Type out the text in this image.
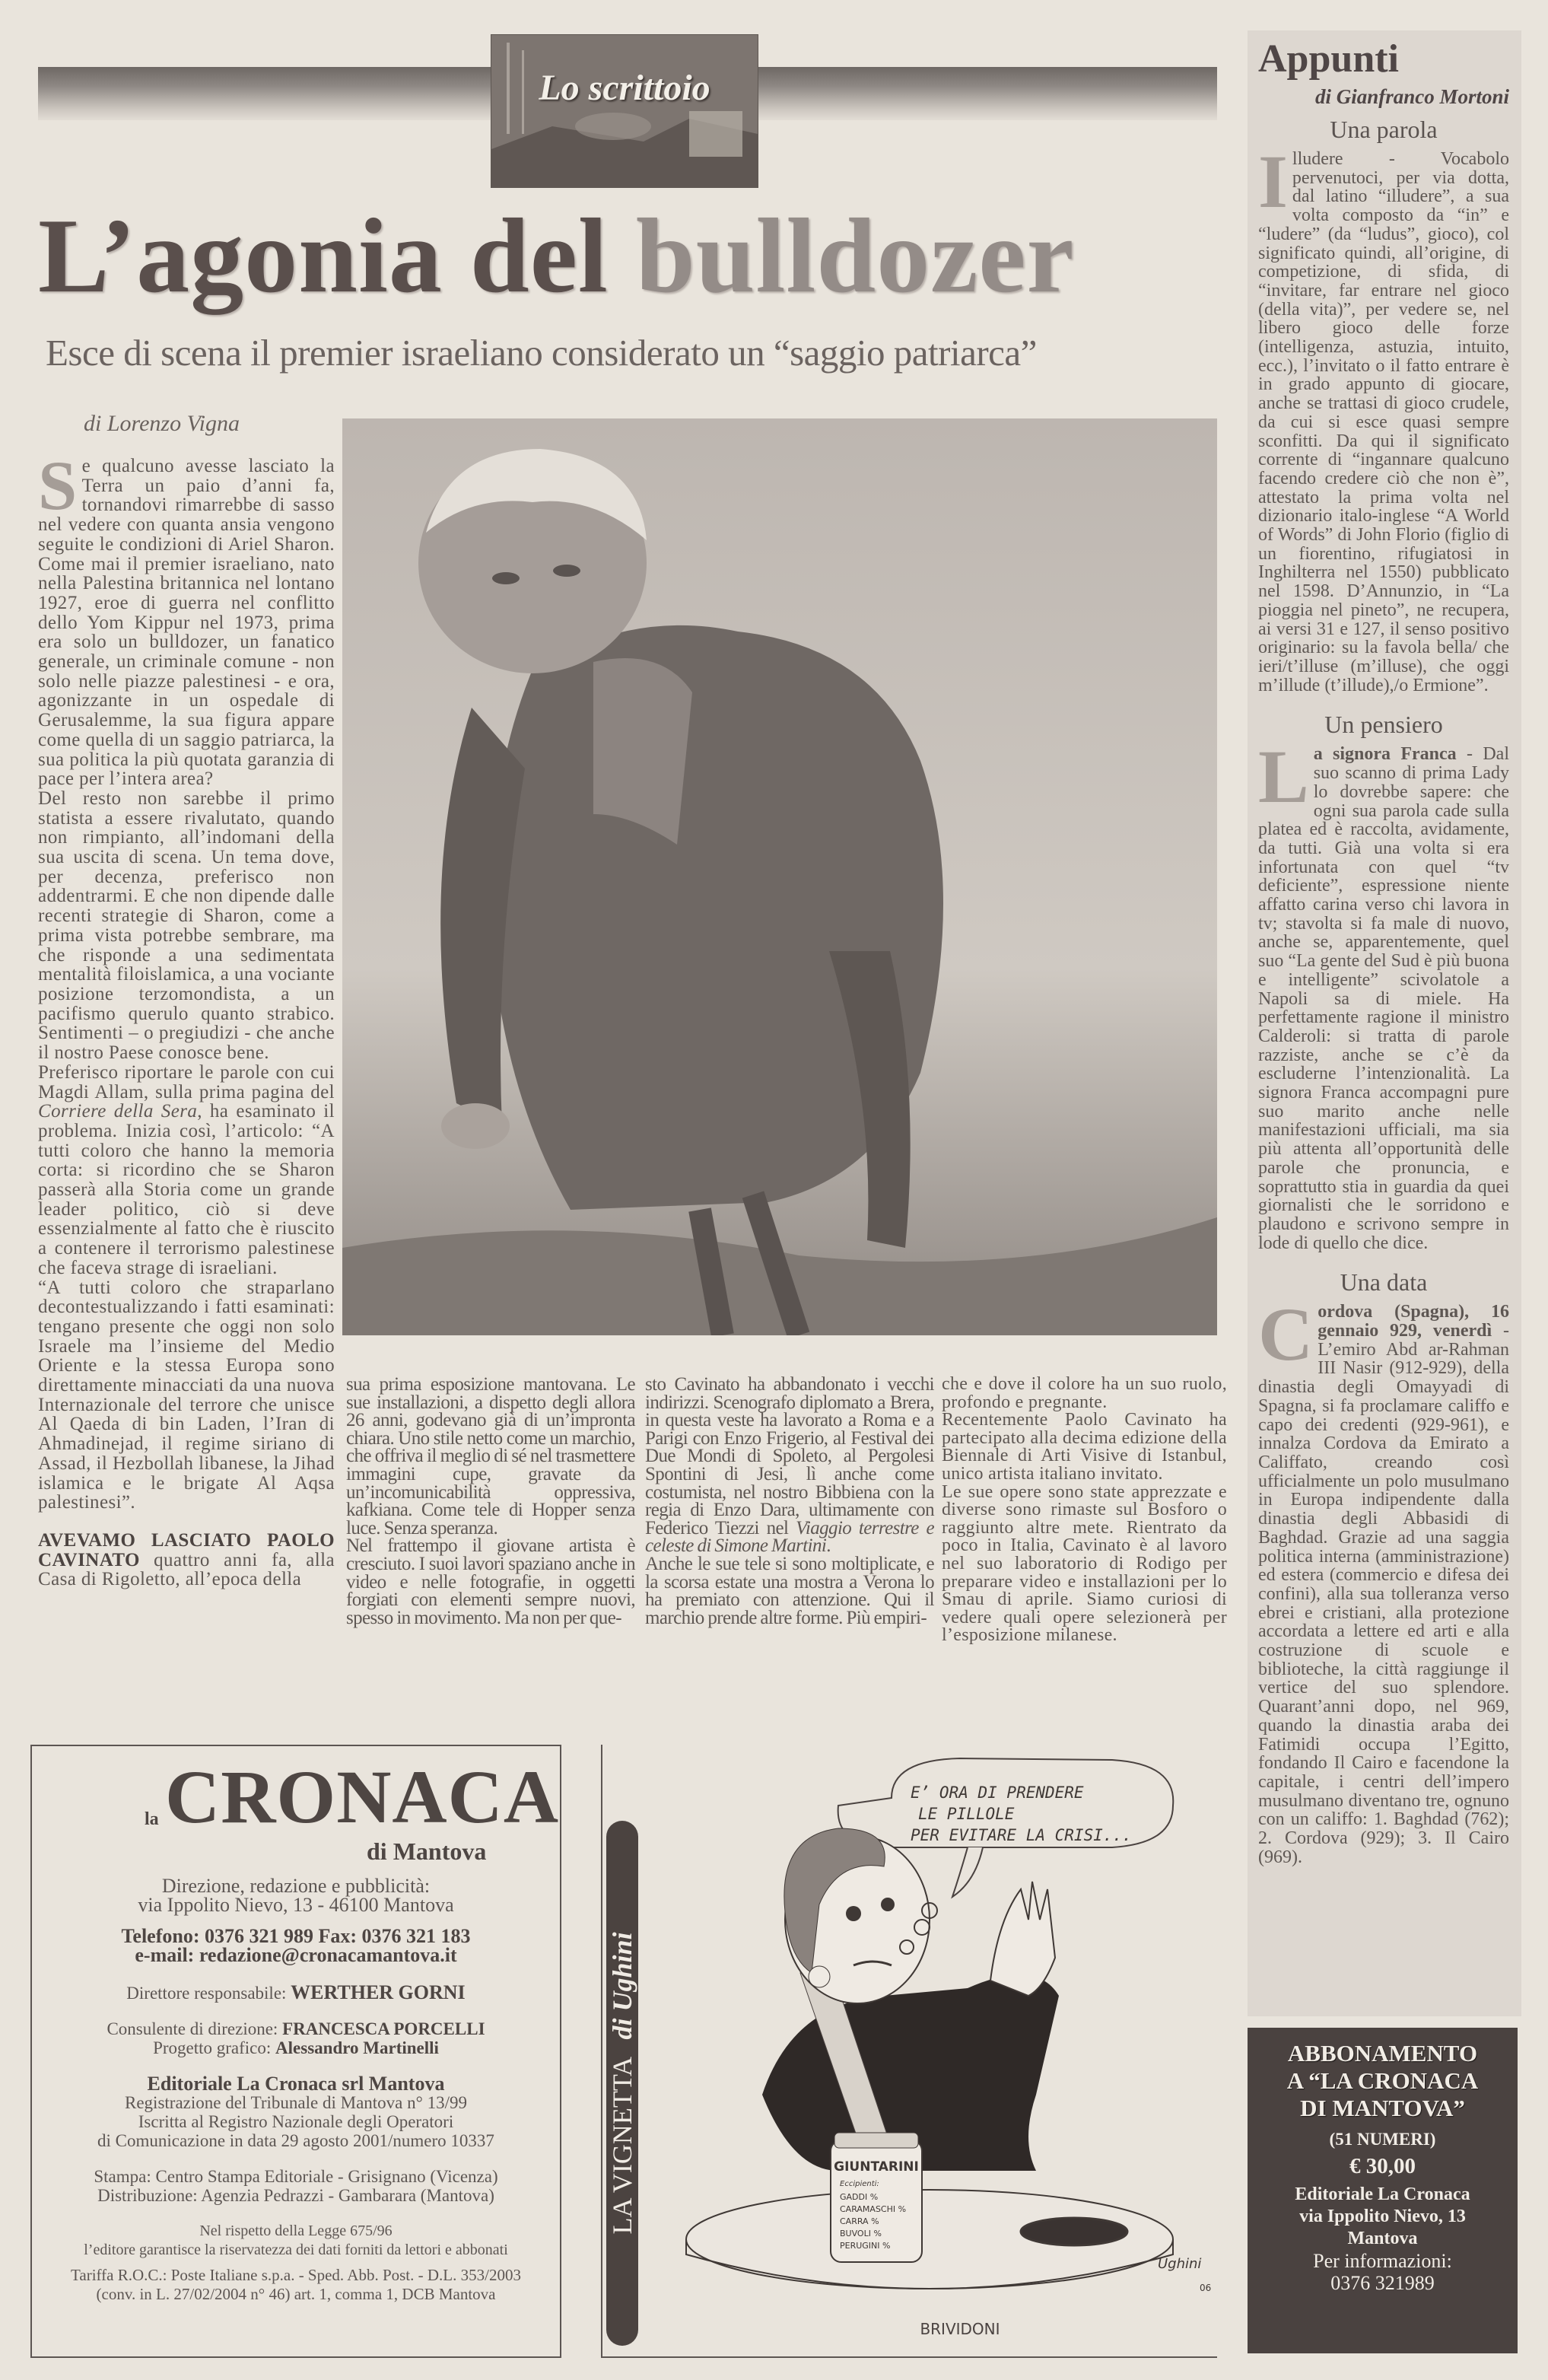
Lo scrittoio
L’agonia del bulldozer
Esce di scena il premier israeliano considerato un “saggio patriarca”
di Lorenzo Vigna

Se qualcuno avesse lasciato la Terra un paio d’anni fa, tornandovi rimarrebbe di sasso nel vedere con quanta ansia vengono seguite le condizioni di Ariel Sharon. Come mai il premier israeliano, nato nella Palestina britannica nel lontano 1927, eroe di guerra nel conflitto dello Yom Kippur nel 1973, prima era solo un bulldozer, un fanatico generale, un criminale comune - non solo nelle piazze palestinesi - e ora, agonizzante in un ospedale di Gerusalemme, la sua figura appare come quella di un saggio patriarca, la sua politica la più quotata garanzia di pace per l’intera area?

Del resto non sarebbe il primo statista a essere rivalutato, quando non rimpianto, all’indomani della sua uscita di scena. Un tema dove, per decenza, preferisco non addentrarmi. E che non dipende dalle recenti strategie di Sharon, come a prima vista potrebbe sembrare, ma che risponde a una sedimentata mentalità filoislamica, a una vociante posizione terzomondista, a un pacifismo querulo quanto strabico. Sentimenti – o pregiudizi - che anche il nostro Paese conosce bene.

Preferisco riportare le parole con cui Magdi Allam, sulla prima pagina del Corriere della Sera, ha esaminato il problema. Inizia così, l’articolo: “A tutti coloro che hanno la memoria corta: si ricordino che se Sharon passerà alla Storia come un grande leader politico, ciò si deve essenzialmente al fatto che è riuscito a contenere il terrorismo palestinese che faceva strage di israeliani.

“A tutti coloro che straparlano decontestualizzando i fatti esaminati: tengano presente che oggi non solo Israele ma l’insieme del Medio Oriente e la stessa Europa sono direttamente minacciati da una nuova Internazionale del terrore che unisce Al Qaeda di bin Laden, l’Iran di Ahmadinejad, il regime siriano di Assad, il Hezbollah libanese, la Jihad islamica e le brigate Al Aqsa palestinesi”.

AVEVAMO LASCIATO PAOLO CAVINATO quattro anni fa, alla Casa di Rigoletto, all’epoca della

sua prima esposizione mantovana. Le sue installazioni, a dispetto degli allora 26 anni, godevano già di un’impronta chiara. Uno stile netto come un marchio, che offriva il meglio di sé nel trasmettere immagini cupe, gravate da un’incomunicabilità oppressiva, kafkiana. Come tele di Hopper senza luce. Senza speranza.

Nel frattempo il giovane artista è cresciuto. I suoi lavori spaziano anche in video e nelle fotografie, in oggetti forgiati con elementi sempre nuovi, spesso in movimento. Ma non per que-

sto Cavinato ha abbandonato i vecchi indirizzi. Scenografo diplomato a Brera, in questa veste ha lavorato a Roma e a Parigi con Enzo Frigerio, al Festival dei Due Mondi di Spoleto, al Pergolesi Spontini di Jesi, lì anche come costumista, nel nostro Bibbiena con la regia di Enzo Dara, ultimamente con Federico Tiezzi nel Viaggio terrestre e celeste di Simone Martini.

Anche le sue tele si sono moltiplicate, e la scorsa estate una mostra a Verona lo ha premiato con attenzione. Qui il marchio prende altre forme. Più empiri-

che e dove il colore ha un suo ruolo, profondo e pregnante.

Recentemente Paolo Cavinato ha partecipato alla decima edizione della Biennale di Arti Visive di Istanbul, unico artista italiano invitato.

Le sue opere sono state apprezzate e diverse sono rimaste sul Bosforo o raggiunto altre mete. Rientrato da poco in Italia, Cavinato è al lavoro nel suo laboratorio di Rodigo per preparare video e installazioni per lo Smau di aprile. Siamo curiosi di vedere quali opere selezionerà per l’esposizione milanese.

Appunti
di Gianfranco Mortoni
Una parola

Illudere - Vocabolo pervenutoci, per via dotta, dal latino “illudere”, a sua volta composto da “in” e “ludere” (da “ludus”, gioco), col significato quindi, all’origine, di competizione, di sfida, di “invitare, far entrare nel gioco (della vita)”, per vedere se, nel libero gioco delle forze (intelligenza, astuzia, intuito, ecc.), l’invitato o il fatto entrare è in grado appunto di giocare, anche se trattasi di gioco crudele, da cui si esce quasi sempre sconfitti. Da qui il significato corrente di “ingannare qualcuno facendo credere ciò che non è”, attestato la prima volta nel dizionario italo-inglese “A World of Words” di John Florio (figlio di un fiorentino, rifugiatosi in Inghilterra nel 1550) pubblicato nel 1598. D’Annunzio, in “La pioggia nel pineto”, ne recupera, ai versi 31 e 127, il senso positivo originario: su la favola bella/ che ieri/t’illuse (m’illuse), che oggi m’illude (t’illude),/o Ermione”.

Un pensiero

La signora Franca - Dal suo scanno di prima Lady lo dovrebbe sapere: che ogni sua parola cade sulla platea ed è raccolta, avidamente, da tutti. Già una volta si era infortunata con quel “tv deficiente”, espressione niente affatto carina verso chi lavora in tv; stavolta si fa male di nuovo, anche se, apparentemente, quel suo “La gente del Sud è più buona e intelligente” scivolatole a Napoli sa di miele. Ha perfettamente ragione il ministro Calderoli: si tratta di parole razziste, anche se c’è da escluderne l’intenzionalità. La signora Franca accompagni pure suo marito anche nelle manifestazioni ufficiali, ma sia più attenta all’opportunità delle parole che pronuncia, e soprattutto stia in guardia da quei giornalisti che le sorridono e plaudono e scrivono sempre in lode di quello che dice.

Una data

Cordova (Spagna), 16 gennaio 929, venerdì - L’emiro Abd ar-Rahman III Nasir (912-929), della dinastia degli Omayyadi di Spagna, si fa proclamare califfo e capo dei credenti (929-961), e innalza Cordova da Emirato a Califfato, creando così ufficialmente un polo musulmano in Europa indipendente dalla dinastia degli Abbasidi di Baghdad. Grazie ad una saggia politica interna (amministrazione) ed estera (commercio e difesa dei confini), alla sua tolleranza verso ebrei e cristiani, alla protezione accordata a lettere ed arti e alla costruzione di scuole e biblioteche, la città raggiunge il vertice del suo splendore. Quarant’anni dopo, nel 969, quando la dinastia araba dei Fatimidi occupa l’Egitto, fondando Il Cairo e facendone la capitale, i centri dell’impero musulmano diventano tre, ognuno con un califfo: 1. Baghdad (762); 2. Cordova (929); 3. Il Cairo (969).

la CRONACA
di Mantova

Direzione, redazione e pubblicità:

via Ippolito Nievo, 13 - 46100 Mantova

Telefono: 0376 321 989 Fax: 0376 321 183

e-mail: redazione@cronacamantova.it

Direttore responsabile: WERTHER GORNI

Consulente di direzione: FRANCESCA PORCELLI

Progetto grafico: Alessandro Martinelli

Editoriale La Cronaca srl Mantova

Registrazione del Tribunale di Mantova n° 13/99

Iscritta al Registro Nazionale degli Operatori

di Comunicazione in data 29 agosto 2001/numero 10337

Stampa: Centro Stampa Editoriale - Grisignano (Vicenza)

Distribuzione: Agenzia Pedrazzi - Gambarara (Mantova)

Nel rispetto della Legge 675/96

l’editore garantisce la riservatezza dei dati forniti da lettori e abbonati

Tariffa R.O.C.: Poste Italiane s.p.a. - Sped. Abb. Post. - D.L. 353/2003

(conv. in L. 27/02/2004 n° 46) art. 1, comma 1, DCB Mantova

LA VIGNETTA di Ughini
E’ ORA DI PRENDERE
LE PILLOLE
PER EVITARE LA CRISI...
GIUNTARINI
Eccipienti:
GADDI %
CARAMASCHI %
CARRA %
BUVOLI %
PERUGINI %
Ughini
06
BRIVIDONI

ABBONAMENTO

A “LA CRONACA

DI MANTOVA”

(51 NUMERI)

€ 30,00

Editoriale La Cronaca

via Ippolito Nievo, 13

Mantova

Per informazioni:

0376 321989
